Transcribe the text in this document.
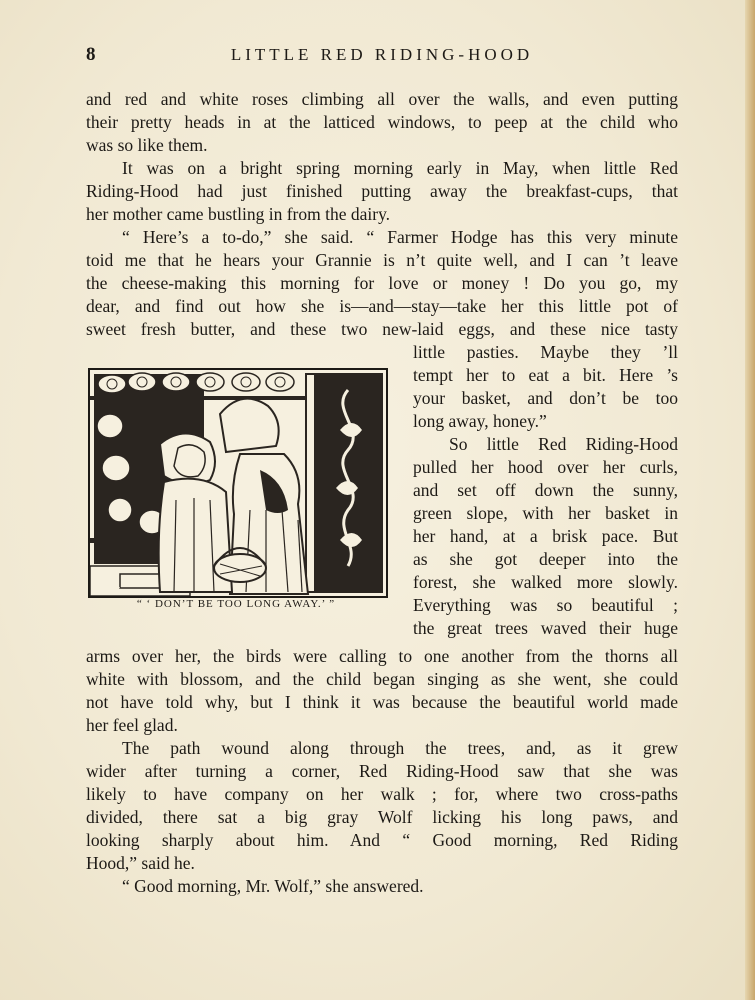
8	LITTLE RED RIDING-HOOD
and red and white roses climbing all over the walls, and even putting
their pretty heads in at the latticed windows, to peep at the child who
was so like them.
It was on a bright spring morning early in May, when little Red
Riding-Hood had just finished putting away the breakfast-cups, that
her mother came bustling in from the dairy.
“ Here’s a to-do,” she said. “ Farmer Hodge has this very minute
toid me that he hears your Grannie is n’t quite well, and I can ’t leave
the cheese-making this morning for love or money ! Do you go, my
dear, and find out how she is—and—stay—take her this little pot of
sweet fresh butter, and these two new-laid eggs, and these nice tasty
little pasties. Maybe they ’ll
tempt her to eat a bit. Here ’s
your basket, and don’t be too
long away, honey.”
So little Red Riding-Hood
pulled her hood over her curls,
and set off down the sunny,
green slope, with her basket in
her hand, at a brisk pace. But
as she got deeper into the
forest, she walked more slowly.
Everything was so beautiful ;
the great trees waved their huge
arms over her, the birds were calling to one another from the thorns all
white with blossom, and the child began singing as she went, she could
not have told why, but I think it was because the beautiful world made
her feel glad.
The path wound along through the trees, and, as it grew
wider after turning a corner, Red Riding-Hood saw that she was
likely to have company on her walk ; for, where two cross-paths
divided, there sat a big gray Wolf licking his long paws, and
looking sharply about him. And “ Good morning, Red Riding
Hood,” said he.
“ Good morning, Mr. Wolf,” she answered.
W.H.A.
“ ‘ DON’T BE TOO LONG AWAY.’ ”
